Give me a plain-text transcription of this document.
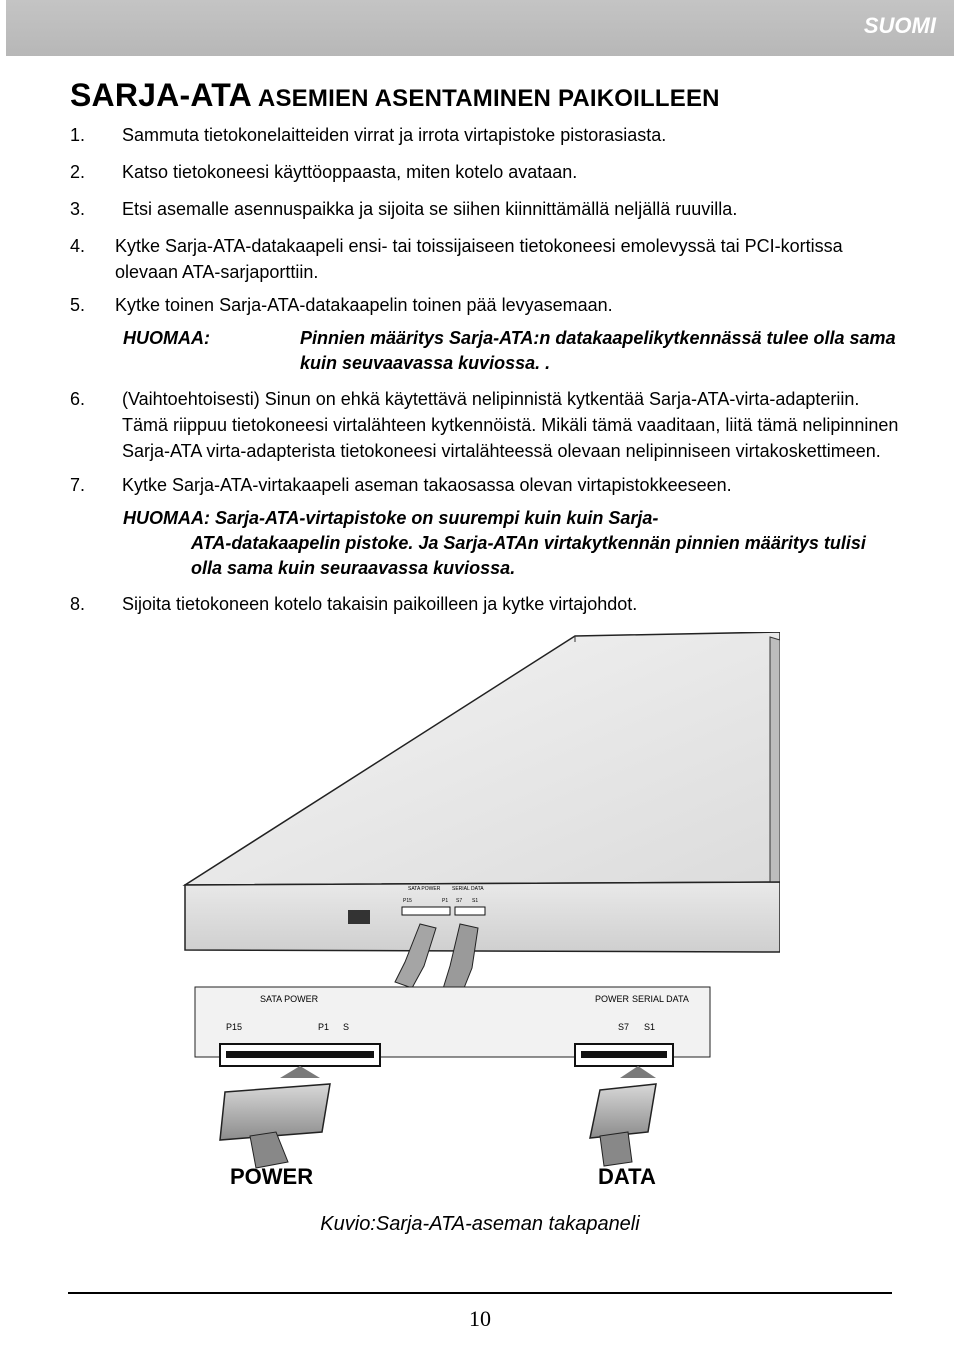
SUOMI
SARJA-ATA ASEMIEN ASENTAMINEN PAIKOILLEEN
1. Sammuta tietokonelaitteiden virrat ja irrota virtapistoke pistorasiasta.
2. Katso tietokoneesi käyttöoppaasta, miten kotelo avataan.
3. Etsi asemalle asennuspaikka ja sijoita se siihen kiinnittämällä neljällä ruuvilla.
4. Kytke Sarja-ATA-datakaapeli ensi- tai toissijaiseen tietokoneesi emolevyssä tai PCI-kortissa olevaan ATA-sarjaporttiin.
5. Kytke toinen Sarja-ATA-datakaapelin toinen pää levyasemaan.
HUOMAA:	Pinnien määritys Sarja-ATA:n datakaapelikytkennässä tulee olla sama kuin seuvaavassa kuviossa. .
6. (Vaihtoehtoisesti) Sinun on ehkä käytettävä nelipinnistä kytkentää Sarja-ATA-virta-adapteriin. Tämä riippuu tietokoneesi virtalähteen kytkennöistä. Mikäli tämä vaaditaan, liitä tämä nelipinninen Sarja-ATA virta-adapterista tietokoneesi virtalähteessä olevaan nelipinniseen virtakoskettimeen.
7. Kytke Sarja-ATA-virtakaapeli aseman takaosassa olevan virtapistokkeeseen.
HUOMAA: Sarja-ATA-virtapistoke on suurempi kuin kuin Sarja-
ATA-datakaapelin pistoke. Ja Sarja-ATAn virtakytkennän pinnien määritys tulisi olla sama kuin seuraavassa kuviossa.
8. Sijoita tietokoneen kotelo takaisin paikoilleen ja kytke virtajohdot.
SATA POWER SERIAL DATA
P15	P1 S7 S1
SATA POWER	POWER SERIAL DATA
P15	P1 S	S7 S1
POWER	DATA
Kuvio:Sarja-ATA-aseman takapaneli
10
